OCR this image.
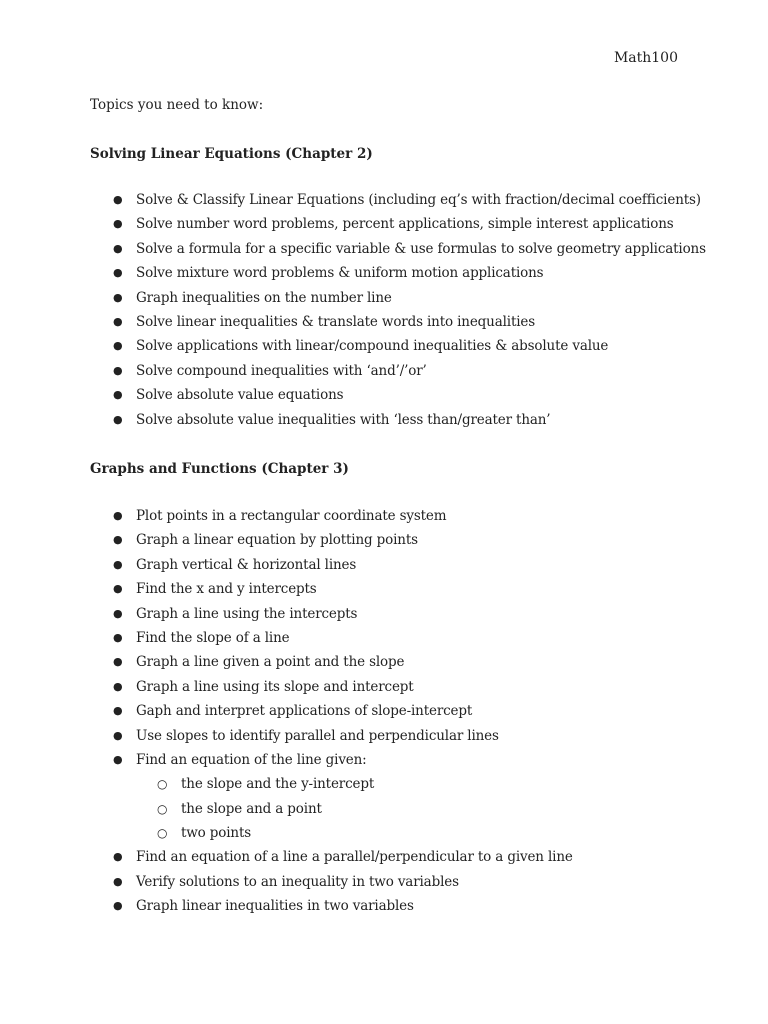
Math100
Topics you need to know:
Solving Linear Equations (Chapter 2)
● Solve & Classify Linear Equations (including eq’s with fraction/decimal coefficients)
● Solve number word problems, percent applications, simple interest applications
● Solve a formula for a specific variable & use formulas to solve geometry applications
● Solve mixture word problems & uniform motion applications
● Graph inequalities on the number line
● Solve linear inequalities & translate words into inequalities
● Solve applications with linear/compound inequalities & absolute value
● Solve compound inequalities with ‘and’/’or’
● Solve absolute value equations
● Solve absolute value inequalities with ‘less than/greater than’
Graphs and Functions (Chapter 3)
● Plot points in a rectangular coordinate system
● Graph a linear equation by plotting points
● Graph vertical & horizontal lines
● Find the x and y intercepts
● Graph a line using the intercepts
● Find the slope of a line
● Graph a line given a point and the slope
● Graph a line using its slope and intercept
● Gaph and interpret applications of slope-intercept
● Use slopes to identify parallel and perpendicular lines
● Find an equation of the line given:
○ the slope and the y-intercept
○ the slope and a point
○ two points
● Find an equation of a line a parallel/perpendicular to a given line
● Verify solutions to an inequality in two variables
● Graph linear inequalities in two variables
